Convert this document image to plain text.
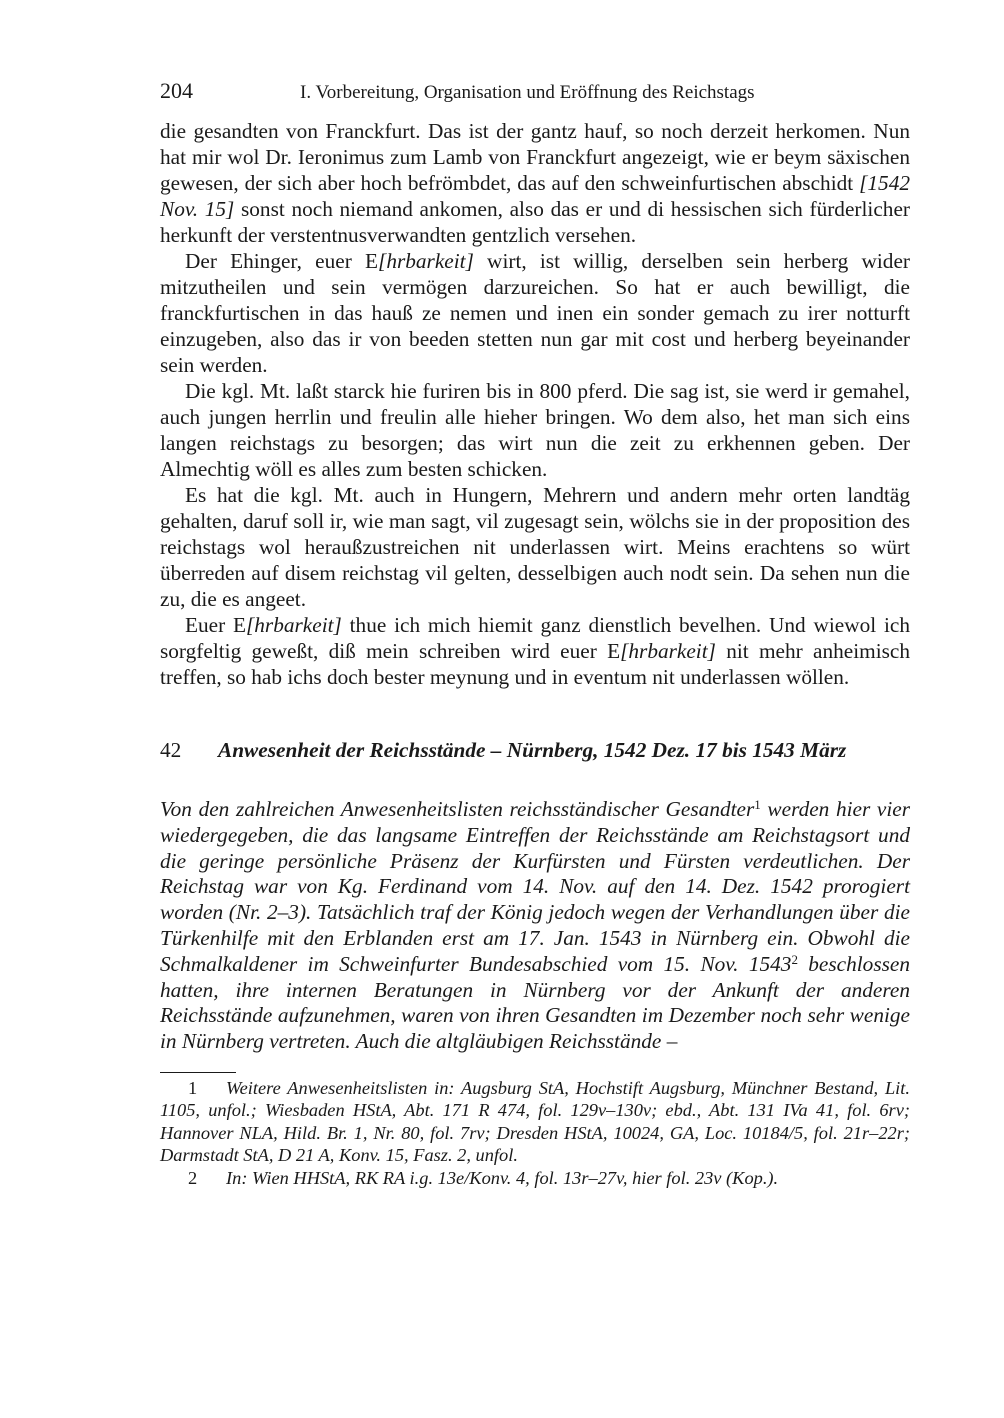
204	I. Vorbereitung, Organisation und Eröffnung des Reichstags

die gesandten von Franckfurt. Das ist der gantz hauf, so noch derzeit herkomen. Nun hat mir wol Dr. Ieronimus zum Lamb von Franckfurt angezeigt, wie er beym säxischen gewesen, der sich aber hoch befrömbdet, das auf den schweinfurtischen abschidt [1542 Nov. 15] sonst noch niemand ankomen, also das er und di hessischen sich fürderlicher herkunft der verstentnusverwandten gentzlich versehen.

Der Ehinger, euer E[hrbarkeit] wirt, ist willig, derselben sein herberg wider mitzutheilen und sein vermögen darzureichen. So hat er auch bewilligt, die franckfurtischen in das hauß ze nemen und inen ein sonder gemach zu irer notturft einzugeben, also das ir von beeden stetten nun gar mit cost und herberg beyeinander sein werden.

Die kgl. Mt. laßt starck hie furiren bis in 800 pferd. Die sag ist, sie werd ir gemahel, auch jungen herrlin und freulin alle hieher bringen. Wo dem also, het man sich eins langen reichstags zu besorgen; das wirt nun die zeit zu erkhennen geben. Der Almechtig wöll es alles zum besten schicken.

Es hat die kgl. Mt. auch in Hungern, Mehrern und andern mehr orten landtäg gehalten, daruf soll ir, wie man sagt, vil zugesagt sein, wölchs sie in der proposition des reichstags wol heraußzustreichen nit underlassen wirt. Meins erachtens so würt überreden auf disem reichstag vil gelten, desselbigen auch nodt sein. Da sehen nun die zu, die es angeet.

Euer E[hrbarkeit] thue ich mich hiemit ganz dienstlich bevelhen. Und wiewol ich sorgfeltig geweßt, diß mein schreiben wird euer E[hrbarkeit] nit mehr anheimisch treffen, so hab ichs doch bester meynung und in eventum nit underlassen wöllen.

42	Anwesenheit der Reichsstände – Nürnberg, 1542 Dez. 17 bis 1543 März

Von den zahlreichen Anwesenheitslisten reichsständischer Gesandter$^1$ werden hier vier wiedergegeben, die das langsame Eintreffen der Reichsstände am Reichstagsort und die geringe persönliche Präsenz der Kurfürsten und Fürsten verdeutlichen. Der Reichstag war von Kg. Ferdinand vom 14. Nov. auf den 14. Dez. 1542 prorogiert worden (Nr. 2–3). Tatsächlich traf der König jedoch wegen der Verhandlungen über die Türkenhilfe mit den Erblanden erst am 17. Jan. 1543 in Nürnberg ein. Obwohl die Schmalkaldener im Schweinfurter Bundesabschied vom 15. Nov. 1543$^2$ beschlossen hatten, ihre internen Beratungen in Nürnberg vor der Ankunft der anderen Reichsstände aufzunehmen, waren von ihren Gesandten im Dezember noch sehr wenige in Nürnberg vertreten. Auch die altgläubigen Reichsstände –

1 Weitere Anwesenheitslisten in: Augsburg StA, Hochstift Augsburg, Münchner Bestand, Lit. 1105, unfol.; Wiesbaden HStA, Abt. 171 R 474, fol. 129v–130v; ebd., Abt. 131 IVa 41, fol. 6rv; Hannover NLA, Hild. Br. 1, Nr. 80, fol. 7rv; Dresden HStA, 10024, GA, Loc. 10184/5, fol. 21r–22r; Darmstadt StA, D 21 A, Konv. 15, Fasz. 2, unfol.

2 In: Wien HHStA, RK RA i.g. 13e/Konv. 4, fol. 13r–27v, hier fol. 23v (Kop.).
